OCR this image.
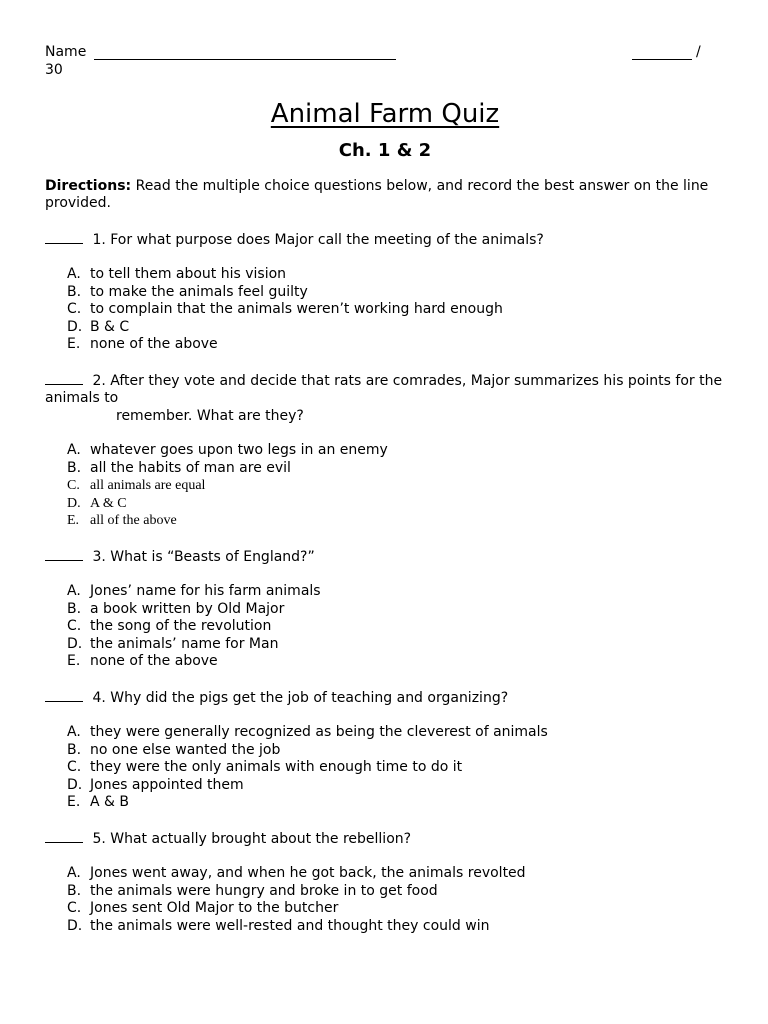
Name	/
30
Animal Farm Quiz
Ch. 1 & 2
Directions: Read the multiple choice questions below, and record the best answer on the line provided.
1. For what purpose does Major call the meeting of the animals?
A. to tell them about his vision
B. to make the animals feel guilty
C. to complain that the animals weren’t working hard enough
D. B & C
E. none of the above
2. After they vote and decide that rats are comrades, Major summarizes his points for the animals to
remember. What are they?
A. whatever goes upon two legs in an enemy
B. all the habits of man are evil
C. all animals are equal
D. A & C
E. all of the above
3. What is “Beasts of England?”
A. Jones’ name for his farm animals
B. a book written by Old Major
C. the song of the revolution
D. the animals’ name for Man
E. none of the above
4. Why did the pigs get the job of teaching and organizing?
A. they were generally recognized as being the cleverest of animals
B. no one else wanted the job
C. they were the only animals with enough time to do it
D. Jones appointed them
E. A & B
5. What actually brought about the rebellion?
A. Jones went away, and when he got back, the animals revolted
B. the animals were hungry and broke in to get food
C. Jones sent Old Major to the butcher
D. the animals were well-rested and thought they could win
